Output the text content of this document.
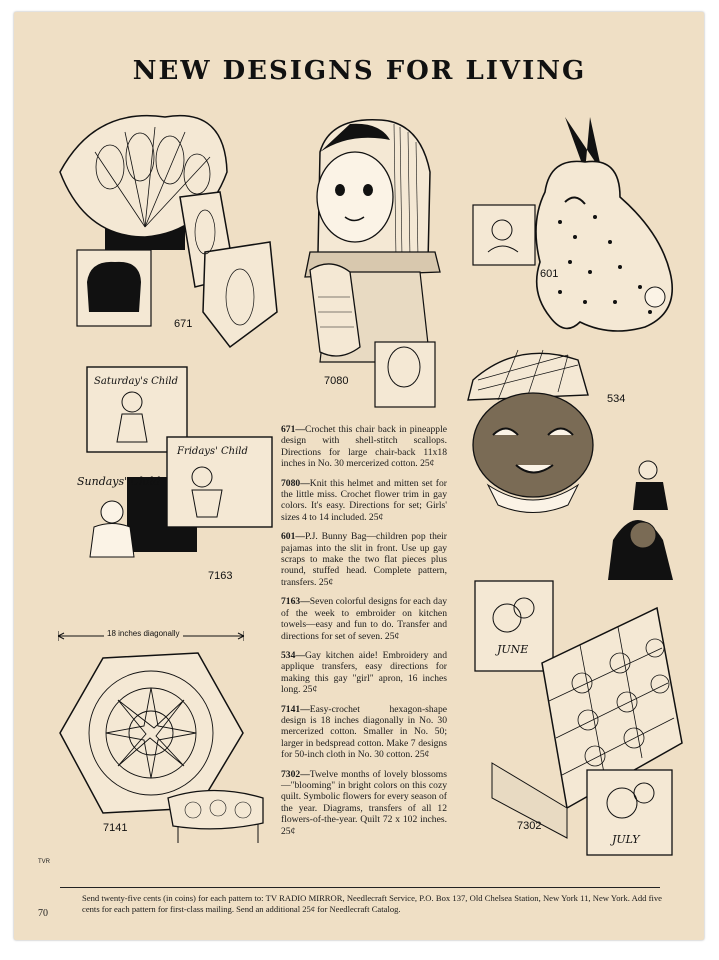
NEW DESIGNS FOR LIVING
671
7080
601
Saturday's Child
Fridays' Child
Sundays' Child
7163
534
18 inches diagonally
7141
JUNE
JULY
7302

671—Crochet this chair back in pineapple design with shell-stitch scallops. Directions for large chair-back 11x18 inches in No. 30 mercerized cotton. 25¢

7080—Knit this helmet and mitten set for the little miss. Crochet flower trim in gay colors. It's easy. Directions for set; Girls' sizes 4 to 14 included. 25¢

601—P.J. Bunny Bag—children pop their pajamas into the slit in front. Use up gay scraps to make the two flat pieces plus round, stuffed head. Complete pattern, transfers. 25¢

7163—Seven colorful designs for each day of the week to embroider on kitchen towels—easy and fun to do. Transfer and directions for set of seven. 25¢

534—Gay kitchen aide! Embroidery and applique transfers, easy directions for making this gay "girl" apron, 16 inches long. 25¢

7141—Easy-crochet hexagon-shape design is 18 inches diagonally in No. 30 mercerized cotton. Smaller in No. 50; larger in bedspread cotton. Make 7 designs for 50-inch cloth in No. 30 cotton. 25¢

7302—Twelve months of lovely blossoms—"blooming" in bright colors on this cozy quilt. Symbolic flowers for every season of the year. Diagrams, transfers of all 12 flowers-of-the-year. Quilt 72 x 102 inches. 25¢

TVR
Send twenty-five cents (in coins) for each pattern to: TV RADIO MIRROR, Needlecraft Service, P.O. Box 137, Old Chelsea Station, New York 11, New York. Add five cents for each pattern for first-class mailing. Send an additional 25¢ for Needlecraft Catalog.
70
